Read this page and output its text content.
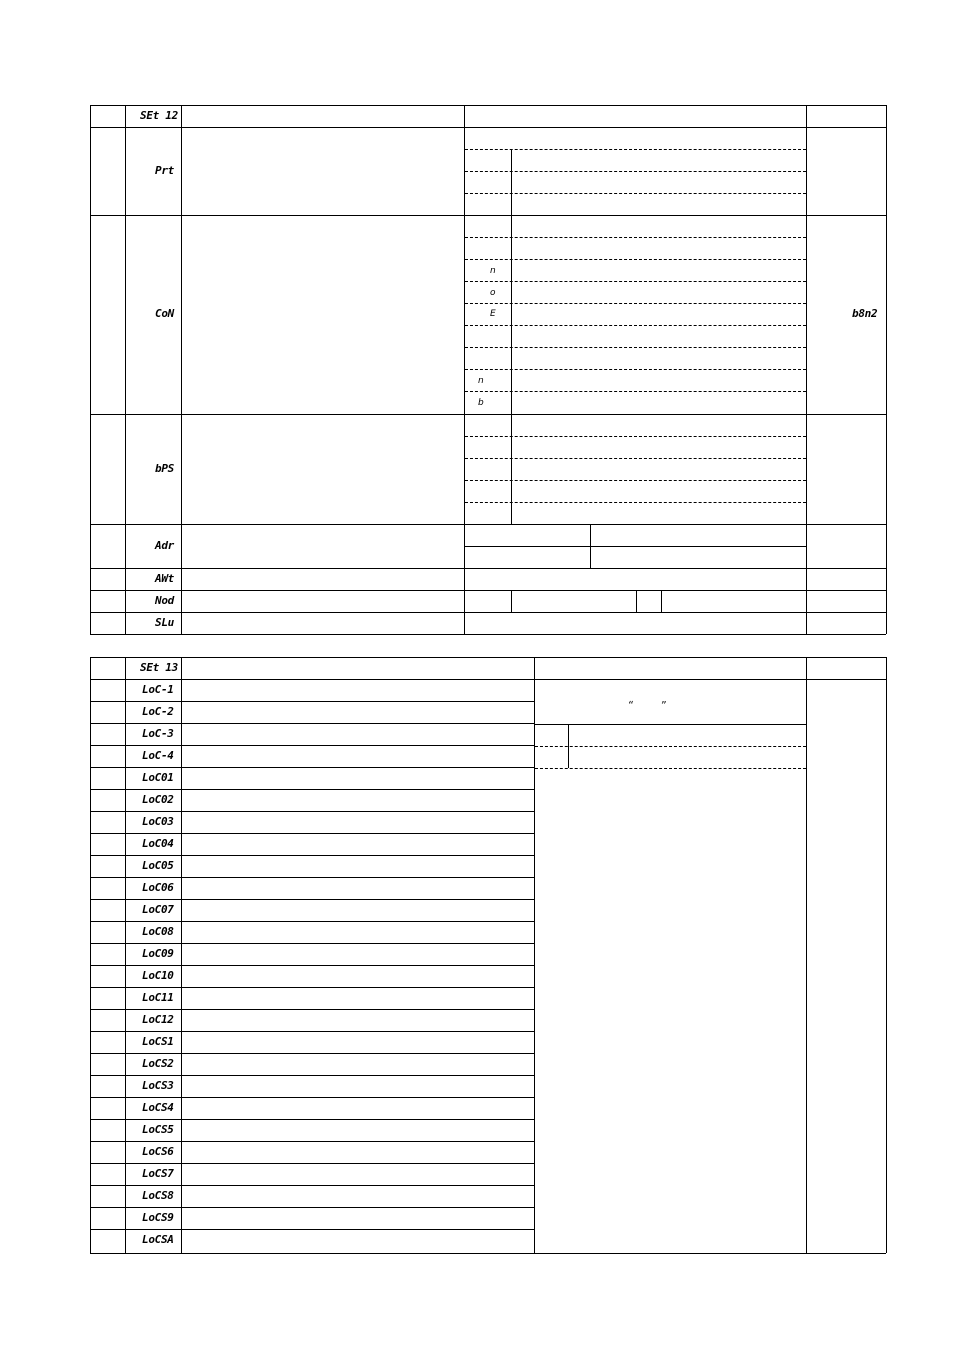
SEt 12
Prt
CoN
bPS
Adr
AWt
Nod
SLu
n
o
E
n
b
b8n2
“ ”
SEt 13
LoC-1
LoC-2
LoC-3
LoC-4
LoC01
LoC02
LoC03
LoC04
LoC05
LoC06
LoC07
LoC08
LoC09
LoC10
LoC11
LoC12
LoCS1
LoCS2
LoCS3
LoCS4
LoCS5
LoCS6
LoCS7
LoCS8
LoCS9
LoCSA
